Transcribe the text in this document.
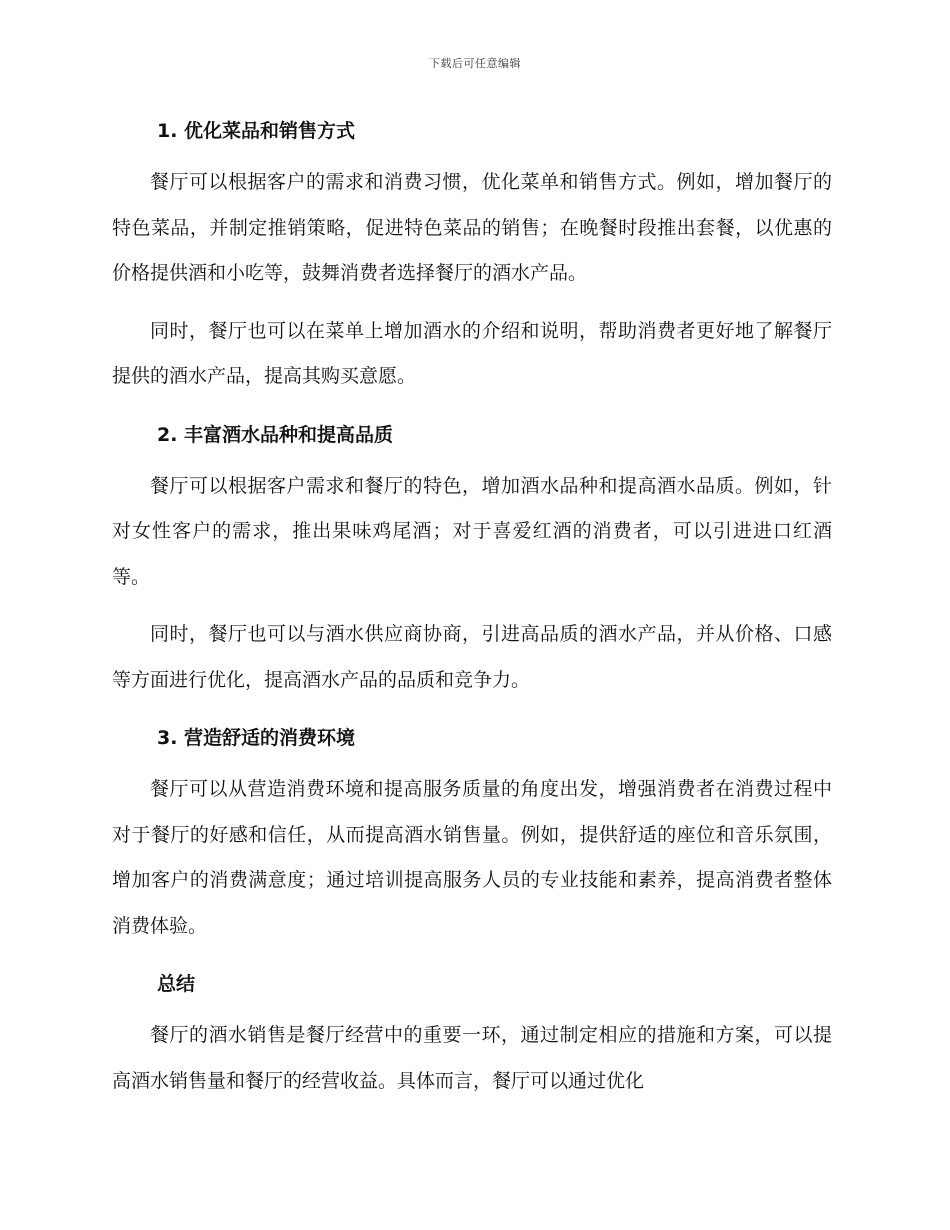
下载后可任意编辑
1. 优化菜品和销售方式

餐厅可以根据客户的需求和消费习惯，优化菜单和销售方式。例如，增加餐厅的特色菜品，并制定推销策略，促进特色菜品的销售；在晚餐时段推出套餐，以优惠的价格提供酒和小吃等，鼓舞消费者选择餐厅的酒水产品。

同时，餐厅也可以在菜单上增加酒水的介绍和说明，帮助消费者更好地了解餐厅提供的酒水产品，提高其购买意愿。

2. 丰富酒水品种和提高品质

餐厅可以根据客户需求和餐厅的特色，增加酒水品种和提高酒水品质。例如，针对女性客户的需求，推出果味鸡尾酒；对于喜爱红酒的消费者，可以引进进口红酒等。

同时，餐厅也可以与酒水供应商协商，引进高品质的酒水产品，并从价格、口感等方面进行优化，提高酒水产品的品质和竞争力。

3. 营造舒适的消费环境

餐厅可以从营造消费环境和提高服务质量的角度出发，增强消费者在消费过程中对于餐厅的好感和信任，从而提高酒水销售量。例如，提供舒适的座位和音乐氛围，增加客户的消费满意度；通过培训提高服务人员的专业技能和素养，提高消费者整体消费体验。

总结

餐厅的酒水销售是餐厅经营中的重要一环，通过制定相应的措施和方案，可以提高酒水销售量和餐厅的经营收益。具体而言，餐厅可以通过优化
